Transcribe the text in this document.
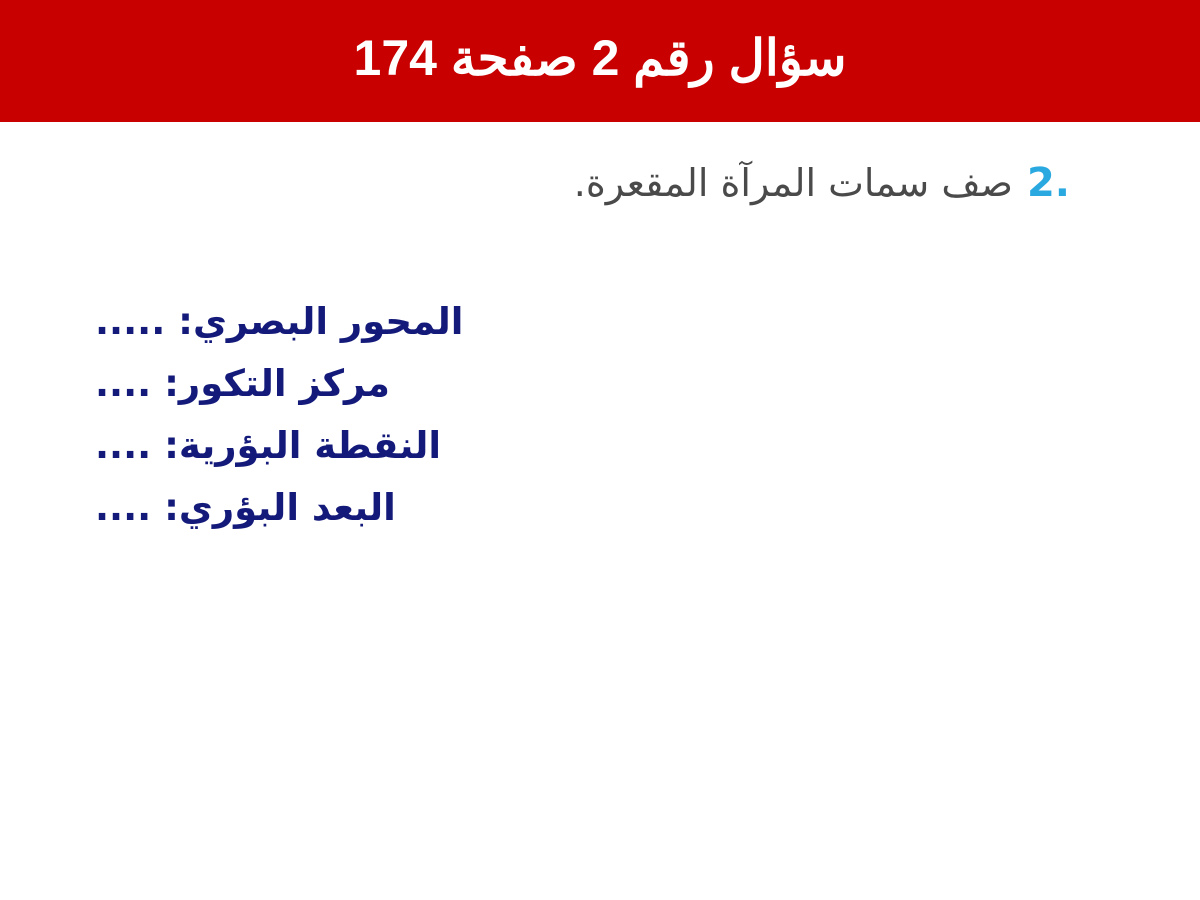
سؤال رقم 2 صفحة 174
.2
صف سمات المرآة المقعرة.
المحور البصري: .....
مركز التكور: ....
النقطة البؤرية: ....
البعد البؤري: ....
